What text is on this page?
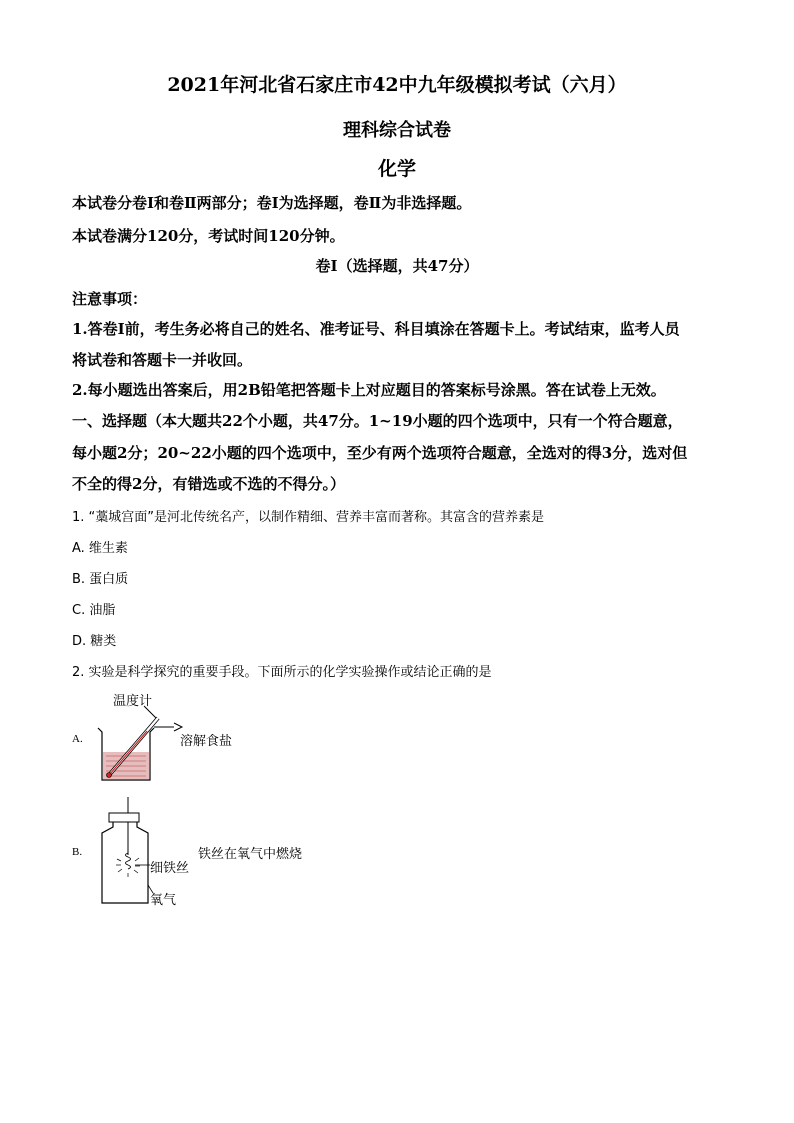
2021年河北省石家庄市42中九年级模拟考试（六月）
理科综合试卷
化学
本试卷分卷Ⅰ和卷Ⅱ两部分；卷Ⅰ为选择题，卷Ⅱ为非选择题。
本试卷满分120分，考试时间120分钟。
卷Ⅰ（选择题，共47分）
注意事项：
1.答卷Ⅰ前，考生务必将自己的姓名、准考证号、科目填涂在答题卡上。考试结束，监考人员
将试卷和答题卡一并收回。
2.每小题选出答案后，用2B铅笔把答题卡上对应题目的答案标号涂黑。答在试卷上无效。
一、选择题（本大题共22个小题，共47分。1~19小题的四个选项中，只有一个符合题意，
每小题2分；20~22小题的四个选项中，至少有两个选项符合题意，全选对的得3分，选对但
不全的得2分，有错选或不选的不得分。）
1. “藁城宫面”是河北传统名产，以制作精细、营养丰富而著称。其富含的营养素是
A. 维生素
B. 蛋白质
C. 油脂
D. 糖类
2. 实验是科学探究的重要手段。下面所示的化学实验操作或结论正确的是
温度计
A.	溶解食盐
B.
细铁丝
氧气
铁丝在氧气中燃烧
